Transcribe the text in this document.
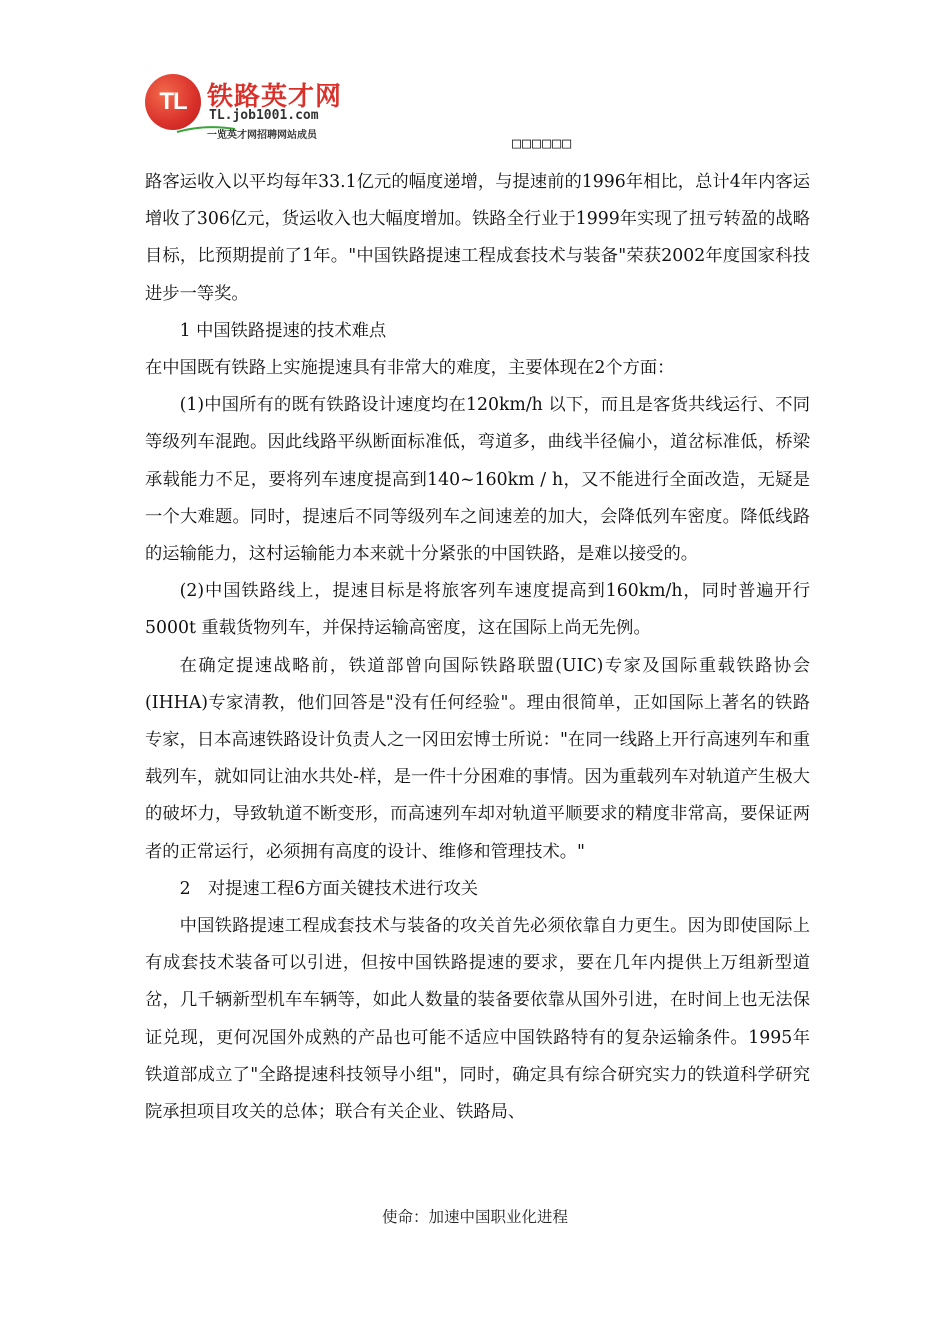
TL 铁路英才网
TL.job1001.com
一览英才网招聘网站成员	□□□□□□

路客运收入以平均每年33.1亿元的幅度递增，与提速前的1996年相比，总计4年内客运增收了306亿元，货运收入也大幅度增加。铁路全行业于1999年实现了扭亏转盈的战略目标，比预期提前了1年。"中国铁路提速工程成套技术与装备"荣获2002年度国家科技进步一等奖。

1 中国铁路提速的技术难点

在中国既有铁路上实施提速具有非常大的难度，主要体现在2个方面：

(1)中国所有的既有铁路设计速度均在120km/h 以下，而且是客货共线运行、不同等级列车混跑。因此线路平纵断面标准低，弯道多，曲线半径偏小，道岔标准低，桥梁承载能力不足，要将列车速度提高到140~160km / h，又不能进行全面改造，无疑是一个大难题。同时，提速后不同等级列车之间速差的加大，会降低列车密度。降低线路的运输能力，这村运输能力本来就十分紧张的中国铁路，是难以接受的。

(2)中国铁路线上，提速目标是将旅客列车速度提高到160km/h，同时普遍开行5000t 重载货物列车，并保持运输高密度，这在国际上尚无先例。

在确定提速战略前，铁道部曾向国际铁路联盟(UIC)专家及国际重载铁路协会(IHHA)专家清教，他们回答是"没有任何经验"。理由很简单，正如国际上著名的铁路专家，日本高速铁路设计负责人之一冈田宏博士所说："在同一线路上开行高速列车和重载列车，就如同让油水共处-样，是一件十分困难的事情。因为重载列车对轨道产生极大的破坏力，导致轨道不断变形，而高速列车却对轨道平顺要求的精度非常高，要保证两者的正常运行，必须拥有高度的设计、维修和管理技术。"

2　对提速工程6方面关键技术进行攻关

中国铁路提速工程成套技术与装备的攻关首先必须依靠自力更生。因为即使国际上有成套技术装备可以引进，但按中国铁路提速的要求，要在几年内提供上万组新型道岔，几千辆新型机车车辆等，如此人数量的装备要依靠从国外引进，在时间上也无法保证兑现，更何况国外成熟的产品也可能不适应中国铁路特有的复杂运输条件。1995年铁道部成立了"全路提速科技领导小组"，同时，确定具有综合研究实力的铁道科学研究院承担项目攻关的总体；联合有关企业、铁路局、

使命：加速中国职业化进程
